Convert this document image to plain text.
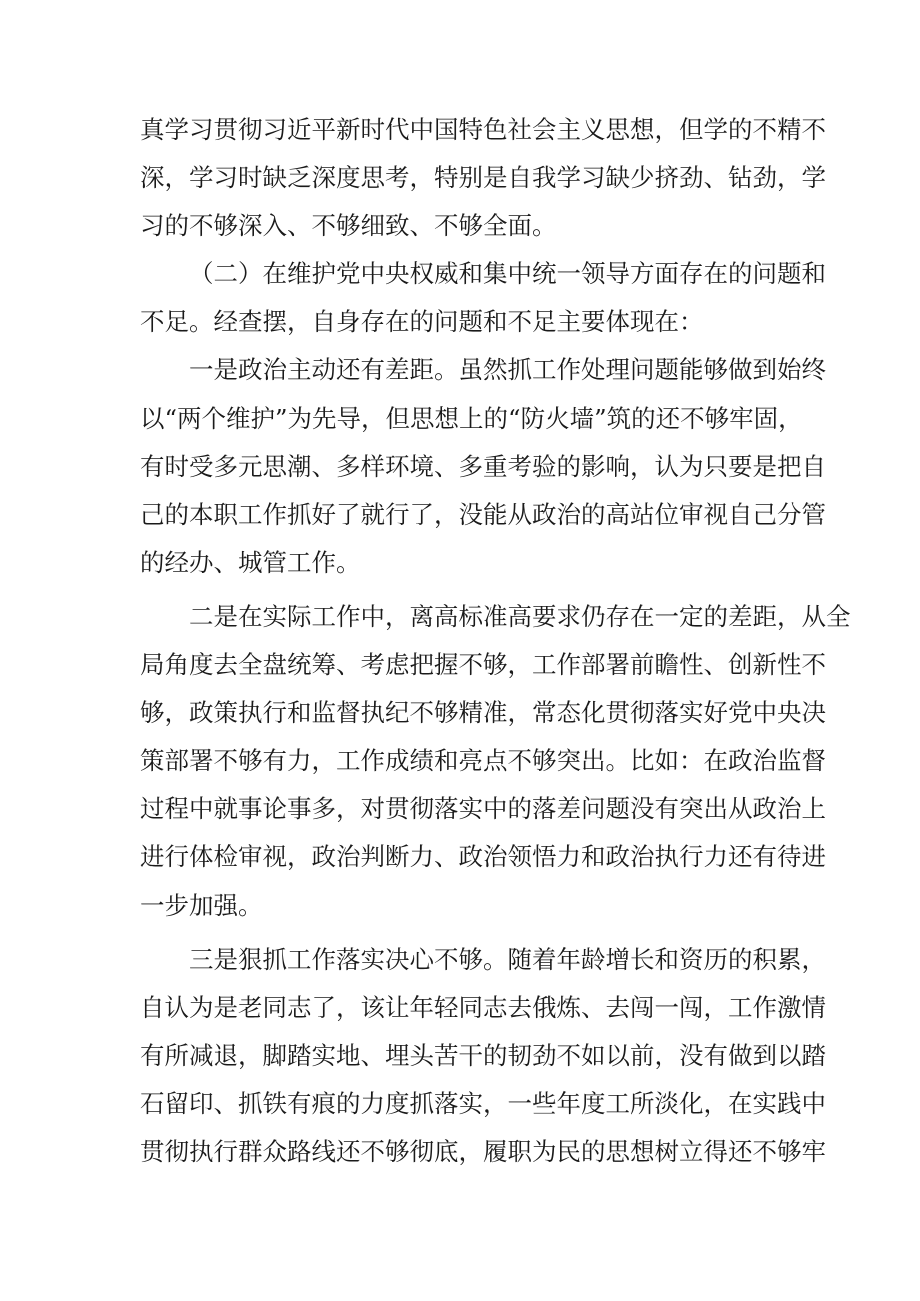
真学习贯彻习近平新时代中国特色社会主义思想，但学的不精不
深，学习时缺乏深度思考，特别是自我学习缺少挤劲、钻劲，学
习的不够深入、不够细致、不够全面。

（二）在维护党中央权威和集中统一领导方面存在的问题和
不足。经查摆，自身存在的问题和不足主要体现在：

一是政治主动还有差距。虽然抓工作处理问题能够做到始终
以“两个维护”为先导，但思想上的“防火墙”筑的还不够牢固，
有时受多元思潮、多样环境、多重考验的影响，认为只要是把自
己的本职工作抓好了就行了，没能从政治的高站位审视自己分管
的经办、城管工作。

二是在实际工作中，离高标准高要求仍存在一定的差距，从全
局角度去全盘统筹、考虑把握不够，工作部署前瞻性、创新性不
够，政策执行和监督执纪不够精准，常态化贯彻落实好党中央决
策部署不够有力，工作成绩和亮点不够突出。比如：在政治监督
过程中就事论事多，对贯彻落实中的落差问题没有突出从政治上
进行体检审视，政治判断力、政治领悟力和政治执行力还有待进
一步加强。

三是狠抓工作落实决心不够。随着年龄增长和资历的积累，
自认为是老同志了，该让年轻同志去俄炼、去闯一闯，工作激情
有所减退，脚踏实地、埋头苦干的韧劲不如以前，没有做到以踏
石留印、抓铁有痕的力度抓落实，一些年度工所淡化，在实践中
贯彻执行群众路线还不够彻底，履职为民的思想树立得还不够牢
